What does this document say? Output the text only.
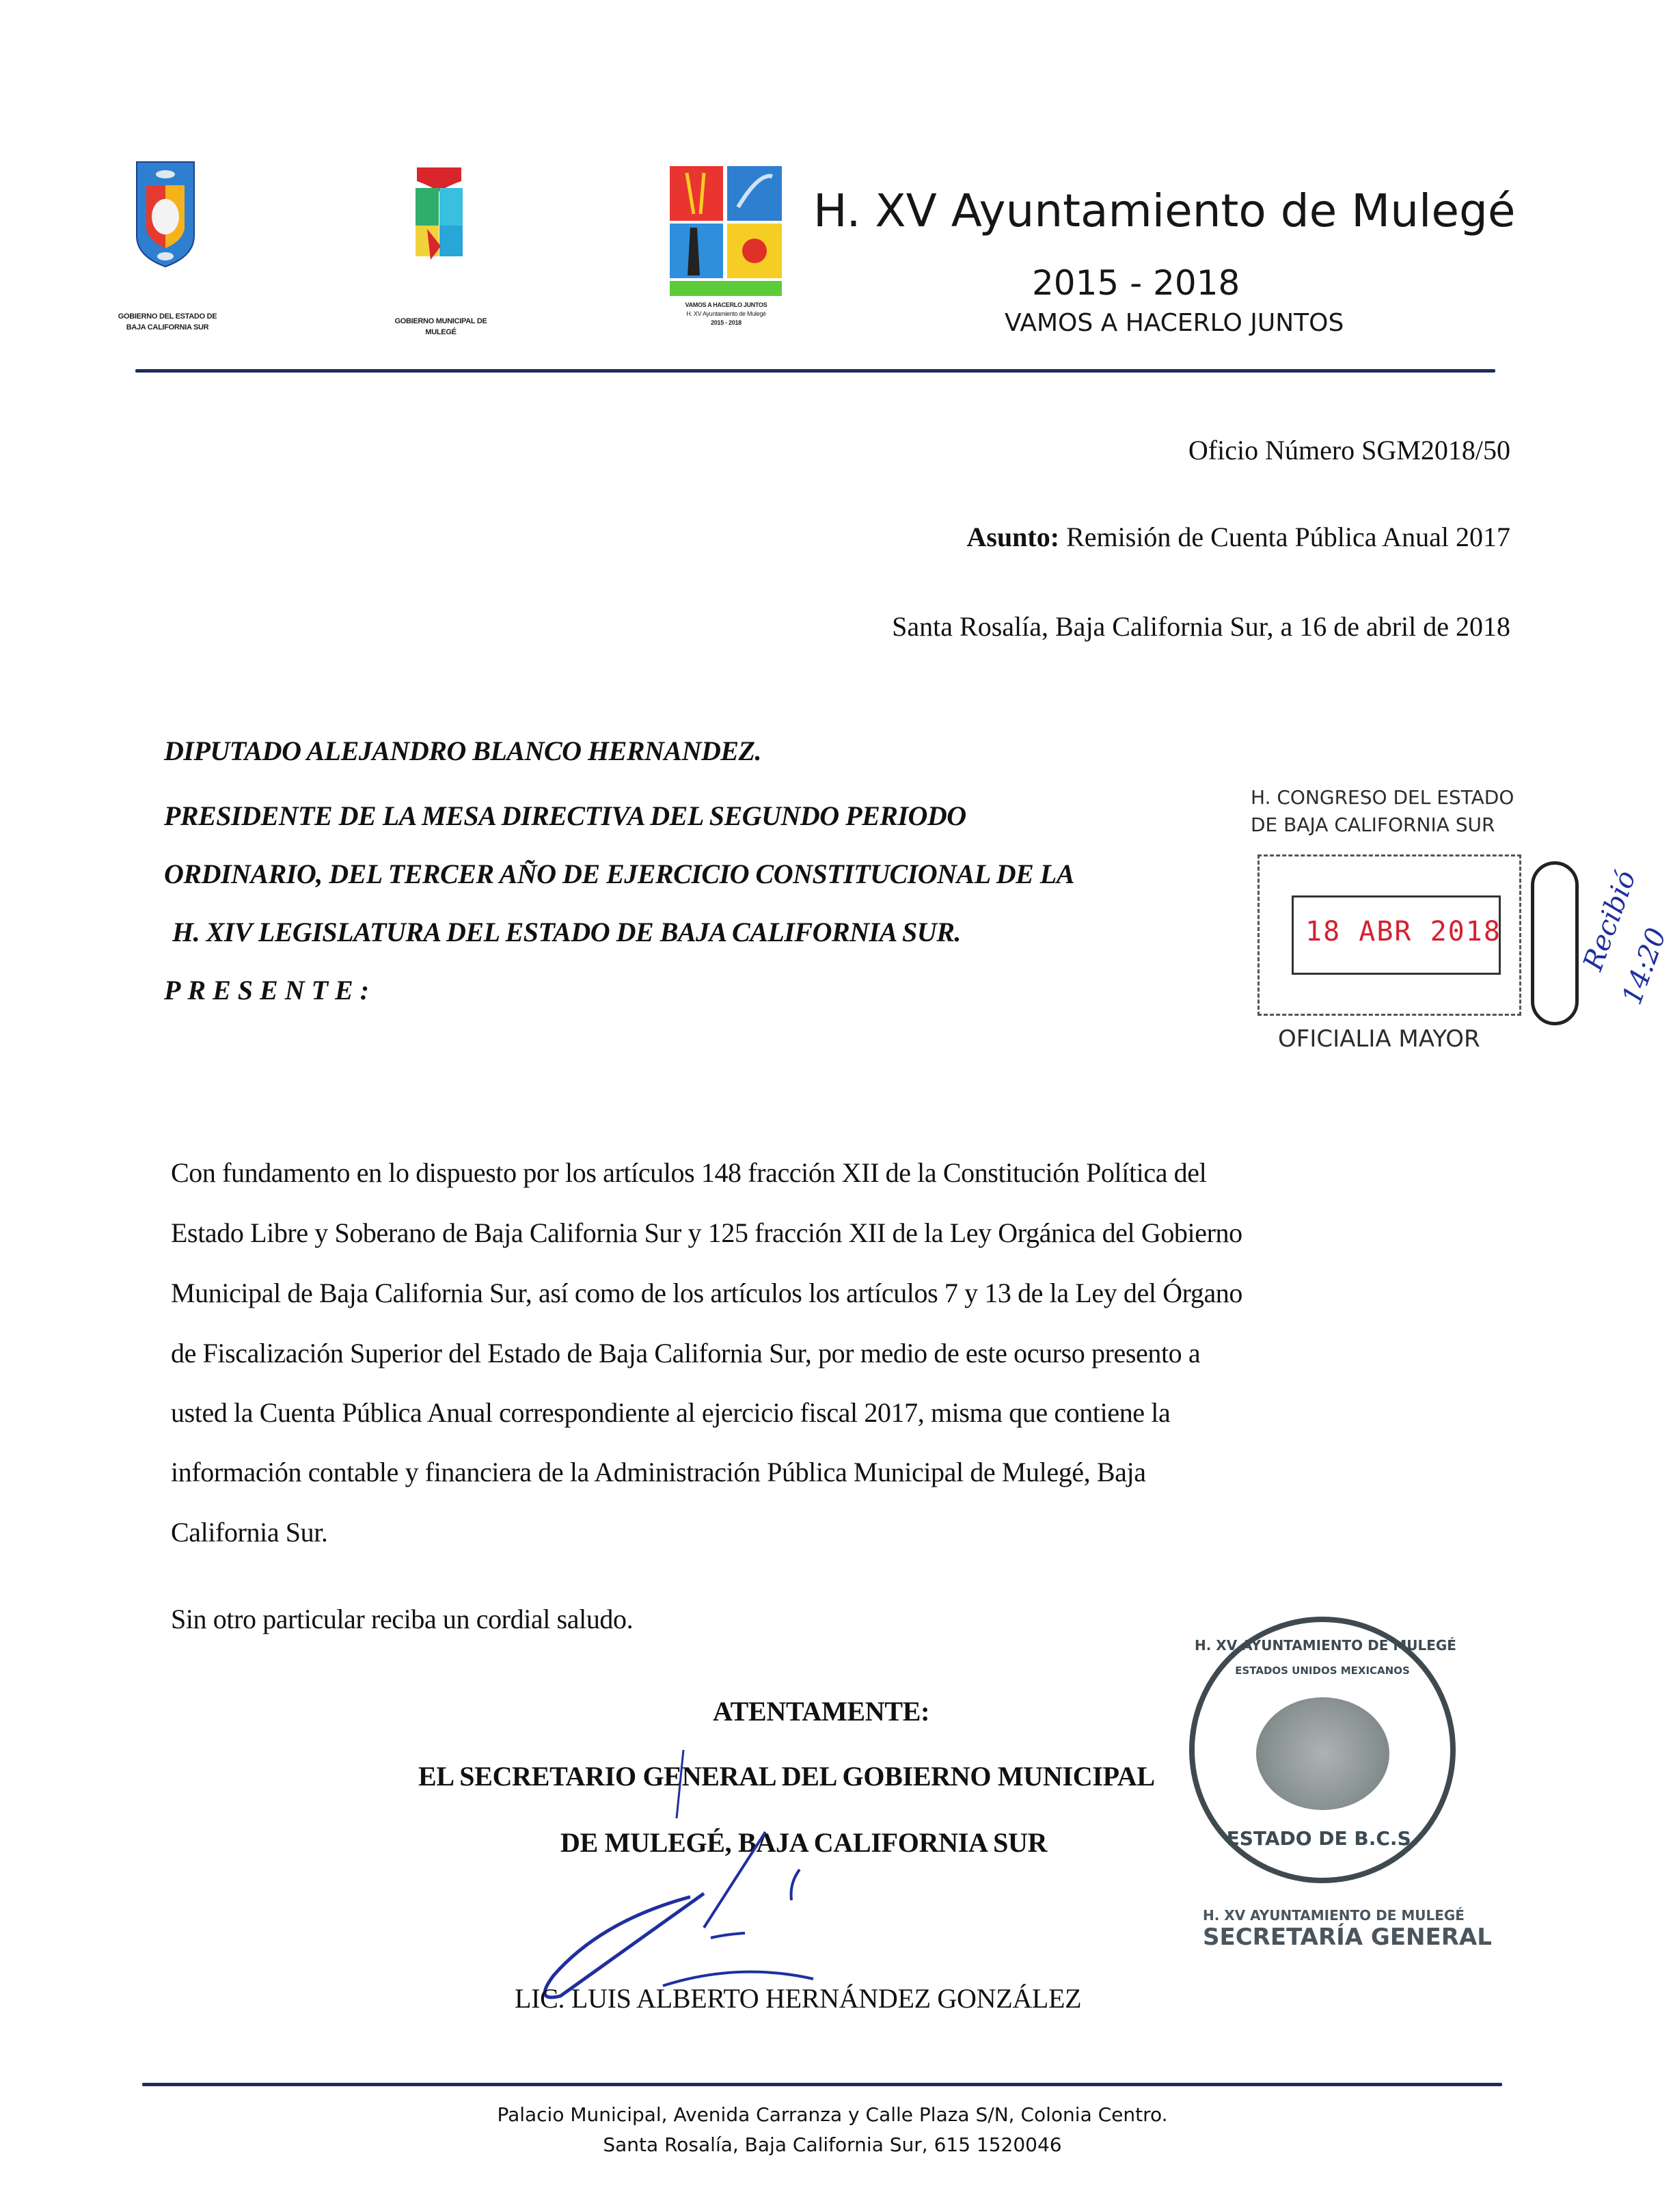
GOBIERNO DEL ESTADO DE
BAJA CALIFORNIA SUR
GOBIERNO MUNICIPAL DE
MULEGÉ
VAMOS A HACERLO JUNTOS
H. XV Ayuntamiento de Mulegé
2015 - 2018
H. XV Ayuntamiento de Mulegé
2015 - 2018
VAMOS A HACERLO JUNTOS
Oficio Número SGM2018/50
Asunto: Remisión de Cuenta Pública Anual 2017
Santa Rosalía, Baja California Sur, a 16 de abril de 2018
DIPUTADO ALEJANDRO BLANCO HERNANDEZ.
PRESIDENTE DE LA MESA DIRECTIVA DEL SEGUNDO PERIODO
ORDINARIO, DEL TERCER AÑO DE EJERCICIO CONSTITUCIONAL DE LA
H. XIV LEGISLATURA DEL ESTADO DE BAJA CALIFORNIA SUR.
PRESENTE:
H. CONGRESO DEL ESTADO
DE BAJA CALIFORNIA SUR
18 ABR 2018
OFICIALIA MAYOR
Recibió
14:20
Con fundamento en lo dispuesto por los artículos 148 fracción XII de la Constitución Política del
Estado Libre y Soberano de Baja California Sur y 125 fracción XII de la Ley Orgánica del Gobierno
Municipal de Baja California Sur, así como de los artículos los artículos 7 y 13 de la Ley del Órgano
de Fiscalización Superior del Estado de Baja California Sur, por medio de este ocurso presento a
usted la Cuenta Pública Anual correspondiente al ejercicio fiscal 2017, misma que contiene la
información contable y financiera de la Administración Pública Municipal de Mulegé, Baja
California Sur.
Sin otro particular reciba un cordial saludo.
ATENTAMENTE:
EL SECRETARIO GENERAL DEL GOBIERNO MUNICIPAL
DE MULEGÉ, BAJA CALIFORNIA SUR
LIC. LUIS ALBERTO HERNÁNDEZ GONZÁLEZ
H. XV AYUNTAMIENTO DE MULEGÉ
ESTADOS UNIDOS MEXICANOS
ESTADO DE B.C.S.
H. XV AYUNTAMIENTO DE MULEGÉ
SECRETARÍA GENERAL
Palacio Municipal, Avenida Carranza y Calle Plaza S/N, Colonia Centro.
Santa Rosalía, Baja California Sur, 615 1520046
